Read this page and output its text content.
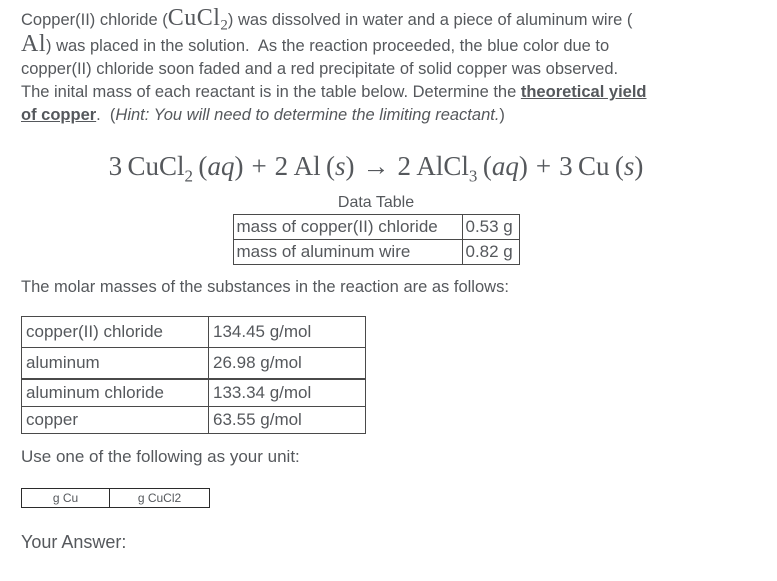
Copper(II) chloride (CuCl$_2$) was dissolved in water and a piece of aluminum wire (
Al) was placed in the solution.  As the reaction proceeded, the blue color due to
copper(II) chloride soon faded and a red precipitate of solid copper was observed.
The inital mass of each reactant is in the table below. Determine the theoretical yield
of copper.  (Hint: You will need to determine the limiting reactant.)
3 CuCl$_2$ (aq) + 2 Al (s) → 2 AlCl$_3$ (aq) + 3 Cu (s)
Data Table
mass of copper(II) chloride	0.53 g
mass of aluminum wire	0.82 g
The molar masses of the substances in the reaction are as follows:
copper(II) chloride	134.45 g/mol
aluminum	26.98 g/mol
aluminum chloride	133.34 g/mol
copper	63.55 g/mol
Use one of the following as your unit:
g Cu	g CuCl2
Your Answer:
